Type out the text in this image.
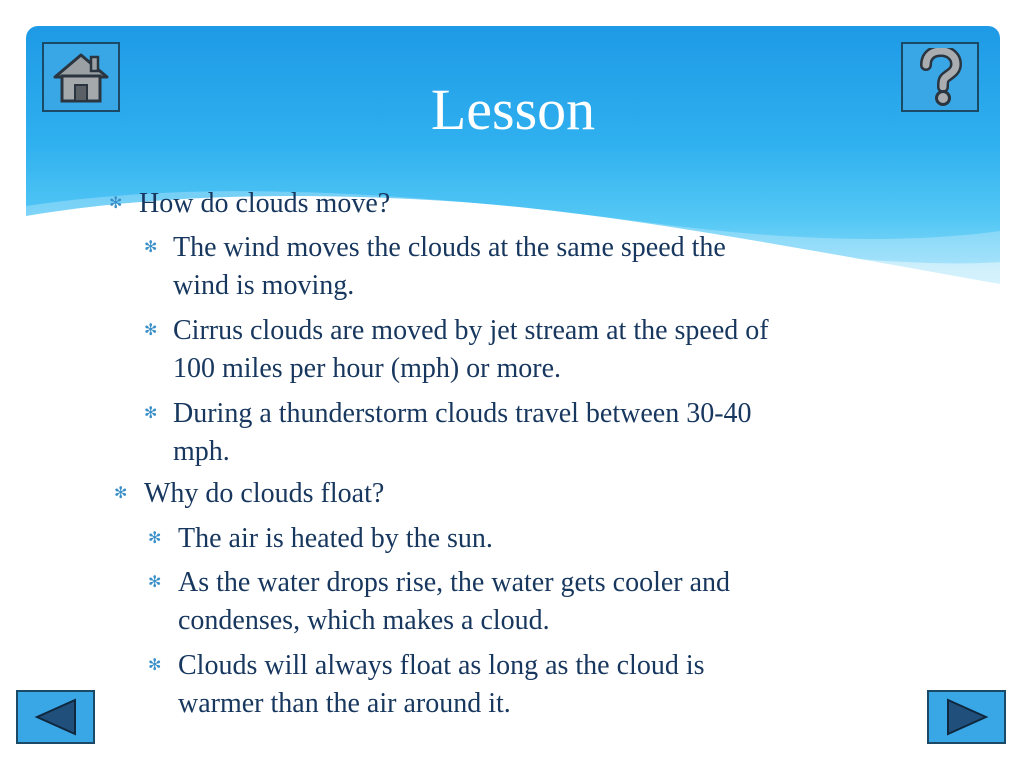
Lesson
✻ How do clouds move?
✻ The wind moves the clouds at the same speed the
wind is moving.
✻ Cirrus clouds are moved by jet stream at the speed of
100 miles per hour (mph) or more.
✻ During a thunderstorm clouds travel between 30-40
mph.
✻ Why do clouds float?
✻ The air is heated by the sun.
✻ As the water drops rise, the water gets cooler and
condenses, which makes a cloud.
✻ Clouds will always float as long as the cloud is
warmer than the air around it.
